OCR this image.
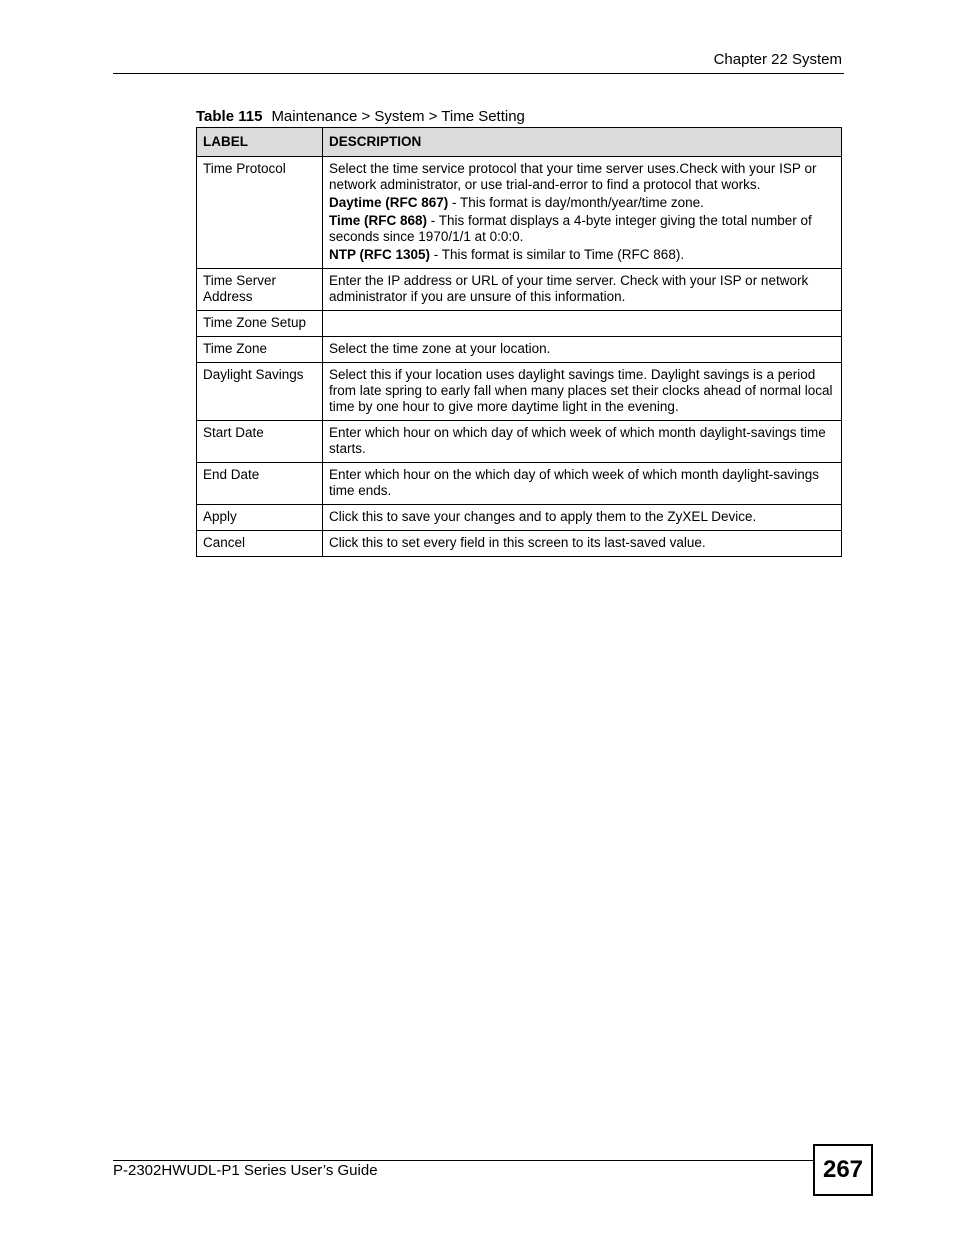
Chapter 22 System
Table 115 Maintenance > System > Time Setting
LABEL	DESCRIPTION
Time Protocol	Select the time service protocol that your time server uses.Check with your ISP or network administrator, or use trial-and-error to find a protocol that works.

Daytime (RFC 867) - This format is day/month/year/time zone.

Time (RFC 868) - This format displays a 4-byte integer giving the total number of seconds since 1970/1/1 at 0:0:0.

NTP (RFC 1305) - This format is similar to Time (RFC 868).

Time Server Address	Enter the IP address or URL of your time server. Check with your ISP or network administrator if you are unsure of this information.

Time Zone Setup	
Time Zone	Select the time zone at your location.

Daylight Savings	Select this if your location uses daylight savings time. Daylight savings is a period from late spring to early fall when many places set their clocks ahead of normal local time by one hour to give more daytime light in the evening.

Start Date	Enter which hour on which day of which week of which month daylight-savings time starts.

End Date	Enter which hour on the which day of which week of which month daylight-savings time ends.

Apply	Click this to save your changes and to apply them to the ZyXEL Device.

Cancel	Click this to set every field in this screen to its last-saved value.

P-2302HWUDL-P1 Series User’s Guide	267
